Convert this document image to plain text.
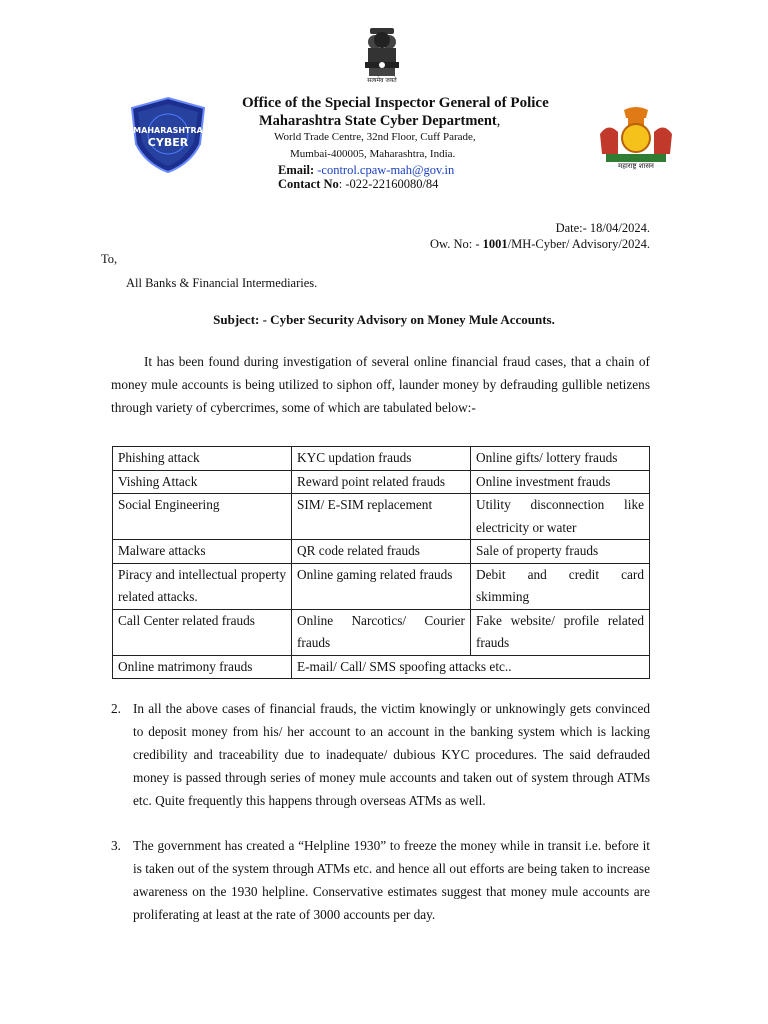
सत्यमेव जयते
MAHARASHTRA
CYBER
महाराष्ट्र शासन
Office of the Special Inspector General of Police
Maharashtra State Cyber Department,
World Trade Centre, 32nd Floor, Cuff Parade,
Mumbai-400005, Maharashtra, India.
Email: -control.cpaw-mah@gov.in
Contact No: -022-22160080/84
Date:- 18/04/2024.
Ow. No: - 1001/MH-Cyber/ Advisory/2024.
To,
All Banks & Financial Intermediaries.
Subject: - Cyber Security Advisory on Money Mule Accounts.
It has been found during investigation of several online financial fraud cases, that a chain of money mule accounts is being utilized to siphon off, launder money by defrauding gullible netizens through variety of cybercrimes, some of which are tabulated below:-
Phishing attack	KYC updation frauds	Online gifts/ lottery frauds
Vishing Attack	Reward point related frauds	Online investment frauds
Social Engineering	SIM/ E-SIM replacement	Utility disconnection like electricity or water
Malware attacks	QR code related frauds	Sale of property frauds
Piracy and intellectual property related attacks.	Online gaming related frauds	Debit and credit card skimming
Call Center related frauds	Online Narcotics/ Courier frauds	Fake website/ profile related frauds
Online matrimony frauds	E-mail/ Call/ SMS spoofing attacks etc..	
2. In all the above cases of financial frauds, the victim knowingly or unknowingly gets convinced to deposit money from his/ her account to an account in the banking system which is lacking credibility and traceability due to inadequate/ dubious KYC procedures. The said defrauded money is passed through series of money mule accounts and taken out of system through ATMs etc. Quite frequently this happens through overseas ATMs as well.
3. The government has created a “Helpline 1930” to freeze the money while in transit i.e. before it is taken out of the system through ATMs etc. and hence all out efforts are being taken to increase awareness on the 1930 helpline. Conservative estimates suggest that money mule accounts are proliferating at least at the rate of 3000 accounts per day.
